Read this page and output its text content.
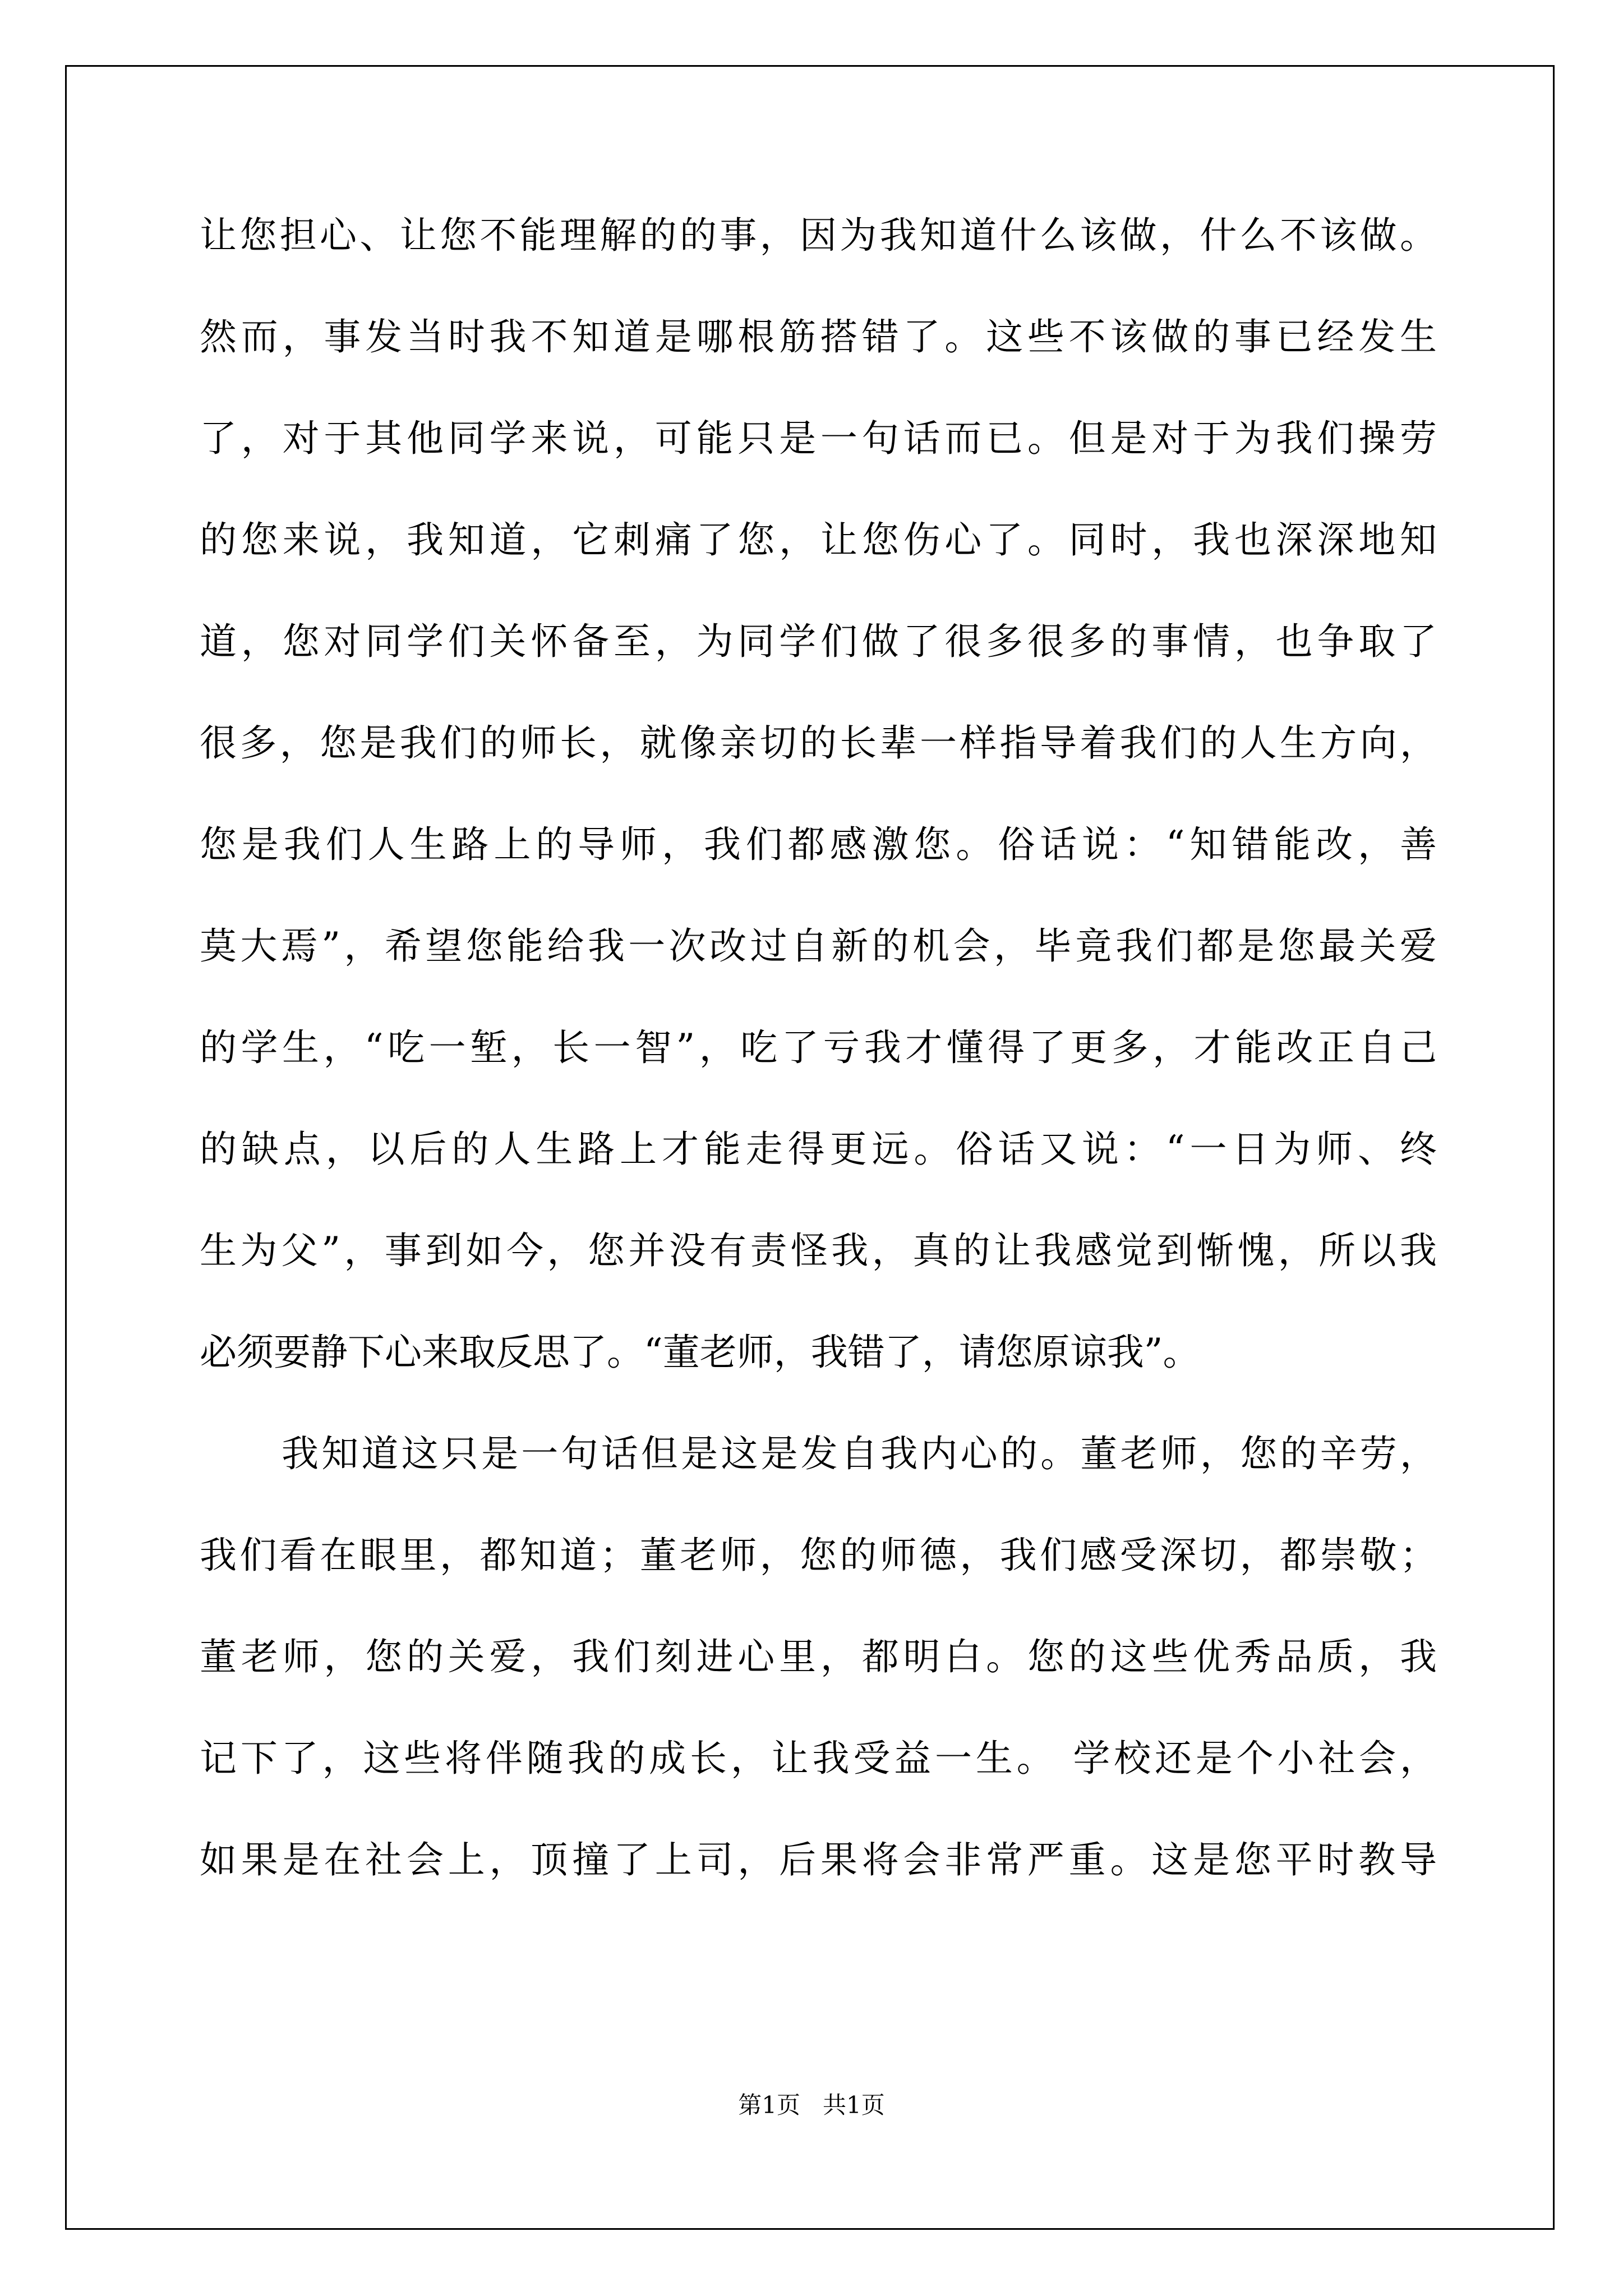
让您担心、让您不能理解的的事，因为我知道什么该做，什么不该做。
然而，事发当时我不知道是哪根筋搭错了。这些不该做的事已经发生
了，对于其他同学来说，可能只是一句话而已。但是对于为我们操劳
的您来说，我知道，它刺痛了您，让您伤心了。同时，我也深深地知
道，您对同学们关怀备至，为同学们做了很多很多的事情，也争取了
很多，您是我们的师长，就像亲切的长辈一样指导着我们的人生方向，
您是我们人生路上的导师，我们都感激您。俗话说：“知错能改，善
莫大焉”，希望您能给我一次改过自新的机会，毕竟我们都是您最关爱
的学生，“吃一堑，长一智”，吃了亏我才懂得了更多，才能改正自己
的缺点，以后的人生路上才能走得更远。俗话又说：“一日为师、终
生为父”，事到如今，您并没有责怪我，真的让我感觉到惭愧，所以我
必须要静下心来取反思了。“董老师，我错了，请您原谅我”。
我知道这只是一句话但是这是发自我内心的。董老师，您的辛劳，
我们看在眼里，都知道；董老师，您的师德，我们感受深切，都崇敬；
董老师，您的关爱，我们刻进心里，都明白。您的这些优秀品质，我
记下了，这些将伴随我的成长，让我受益一生。 学校还是个小社会，
如果是在社会上，顶撞了上司，后果将会非常严重。这是您平时教导
第1页   共1页
